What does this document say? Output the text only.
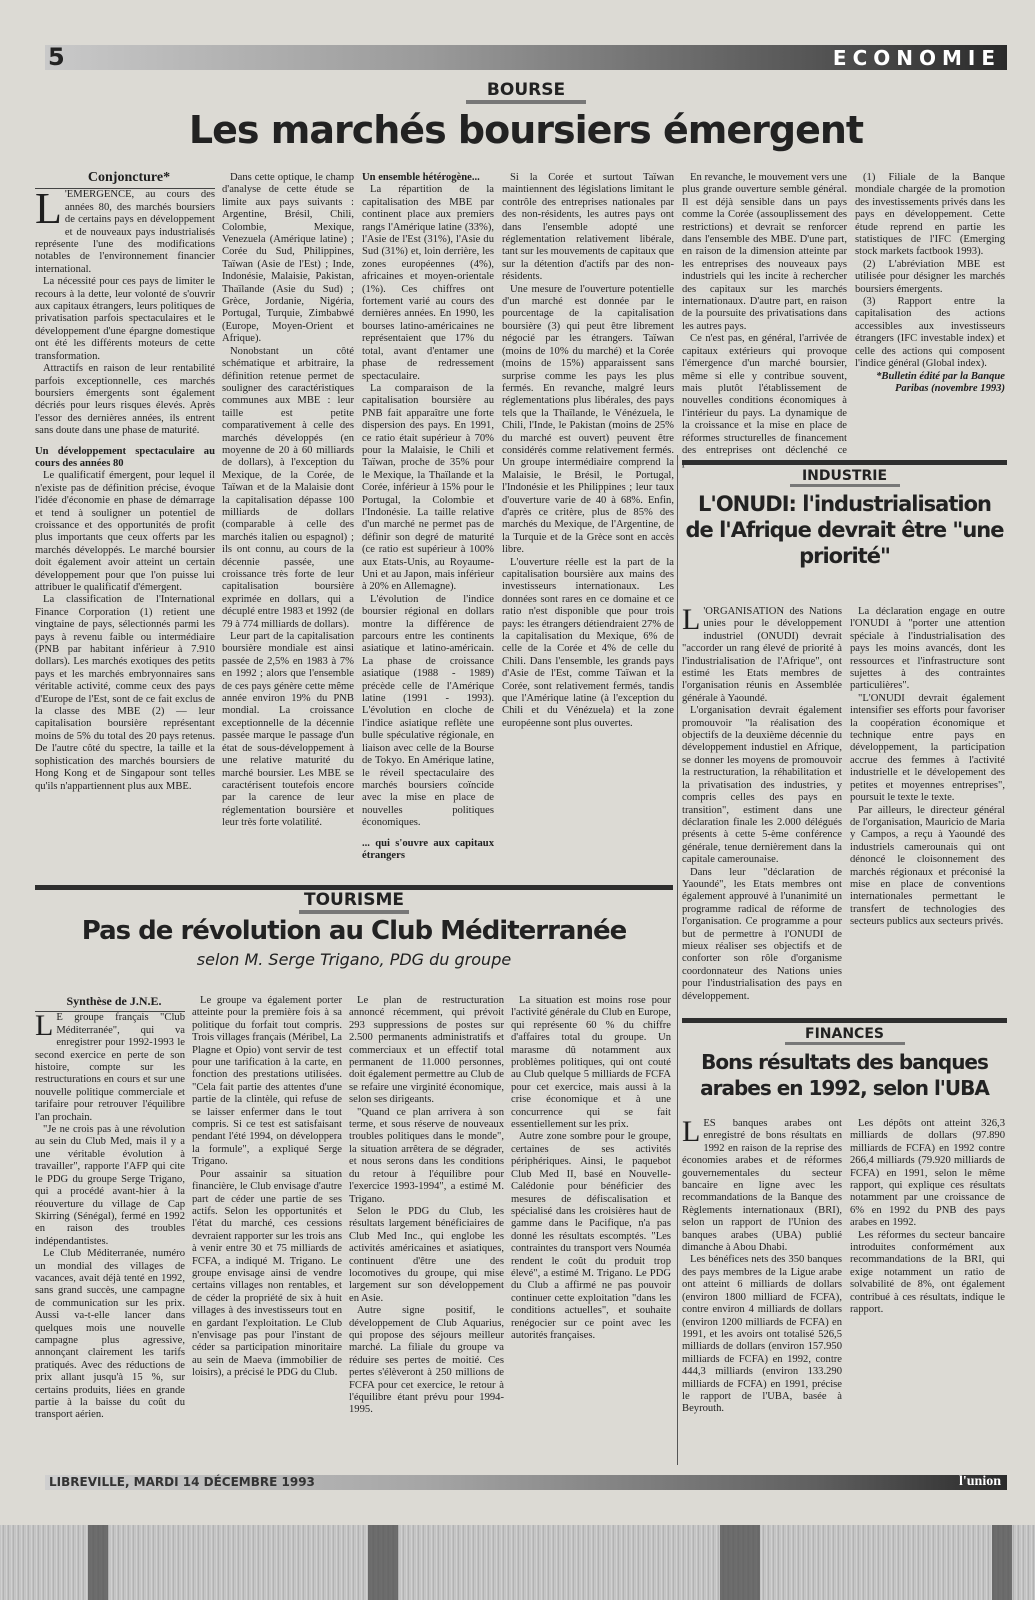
5	ECONOMIE

BOURSE

Les marchés boursiers émergent

Conjoncture*

L 'EMERGENCE, au cours des années 80, des marchés boursiers de certains pays en développement et de nouveaux pays industrialisés représente l'une des modifications notables de l'environnement financier international.

La nécessité pour ces pays de limiter le recours à la dette, leur volonté de s'ouvrir aux capitaux étrangers, leurs politiques de privatisation parfois spectaculaires et le développement d'une épargne domestique ont été les différents moteurs de cette transformation.

Attractifs en raison de leur rentabilité parfois exceptionnelle, ces marchés boursiers émergents sont également décriés pour leurs risques élevés. Après l'essor des dernières années, ils entrent sans doute dans une phase de maturité.

Un développement spectaculaire au cours des années 80

Le qualificatif émergent, pour lequel il n'existe pas de définition précise, évoque l'idée d'économie en phase de démarrage et tend à souligner un potentiel de croissance et des opportunités de profit plus importants que ceux offerts par les marchés développés. Le marché boursier doit également avoir atteint un certain développement pour que l'on puisse lui attribuer le qualificatif d'émergent.

La classification de l'International Finance Corporation (1) retient une vingtaine de pays, sélectionnés parmi les pays à revenu faible ou intermédiaire (PNB par habitant inférieur à 7.910 dollars). Les marchés exotiques des petits pays et les marchés embryonnaires sans véritable activité, comme ceux des pays d'Europe de l'Est, sont de ce fait exclus de la classe des MBE (2) — leur capitalisation boursière représentant moins de 5% du total des 20 pays retenus. De l'autre côté du spectre, la taille et la sophistication des marchés boursiers de Hong Kong et de Singapour sont telles qu'ils n'appartiennent plus aux MBE.

Dans cette optique, le champ d'analyse de cette étude se limite aux pays suivants : Argentine, Brésil, Chili, Colombie, Mexique, Venezuela (Amérique latine) ; Corée du Sud, Philippines, Taïwan (Asie de l'Est) ; Inde, Indonésie, Malaisie, Pakistan, Thaïlande (Asie du Sud) ; Grèce, Jordanie, Nigéria, Portugal, Turquie, Zimbabwé (Europe, Moyen-Orient et Afrique).

Nonobstant un côté schématique et arbitraire, la définition retenue permet de souligner des caractéristiques communes aux MBE : leur taille est petite comparativement à celle des marchés développés (en moyenne de 20 à 60 milliards de dollars), à l'exception du Mexique, de la Corée, de Taïwan et de la Malaisie dont la capitalisation dépasse 100 milliards de dollars (comparable à celle des marchés italien ou espagnol) ; ils ont connu, au cours de la décennie passée, une croissance très forte de leur capitalisation boursière exprimée en dollars, qui a décuplé entre 1983 et 1992 (de 79 à 774 milliards de dollars).

Leur part de la capitalisation boursière mondiale est ainsi passée de 2,5% en 1983 à 7% en 1992 ; alors que l'ensemble de ces pays génère cette même année environ 19% du PNB mondial. La croissance exceptionnelle de la décennie passée marque le passage d'un état de sous-développement à une relative maturité du marché boursier. Les MBE se caractérisent toutefois encore par la carence de leur réglementation boursière et leur très forte volatilité.

Un ensemble hétérogène...

La répartition de la capitalisation des MBE par continent place aux premiers rangs l'Amérique latine (33%), l'Asie de l'Est (31%), l'Asie du Sud (31%) et, loin derrière, les zones européennes (4%), africaines et moyen-orientale (1%). Ces chiffres ont fortement varié au cours des dernières années. En 1990, les bourses latino-américaines ne représentaient que 17% du total, avant d'entamer une phase de redressement spectaculaire.

La comparaison de la capitalisation boursière au PNB fait apparaître une forte dispersion des pays. En 1991, ce ratio était supérieur à 70% pour la Malaisie, le Chili et Taïwan, proche de 35% pour le Mexique, la Thaïlande et la Corée, inférieur à 15% pour le Portugal, la Colombie et l'Indonésie. La taille relative d'un marché ne permet pas de définir son degré de maturité (ce ratio est supérieur à 100% aux Etats-Unis, au Royaume-Uni et au Japon, mais inférieur à 20% en Allemagne).

L'évolution de l'indice boursier régional en dollars montre la différence de parcours entre les continents asiatique et latino-américain. La phase de croissance asiatique (1988 - 1989) précède celle de l'Amérique latine (1991 - 1993). L'évolution en cloche de l'indice asiatique reflète une bulle spéculative régionale, en liaison avec celle de la Bourse de Tokyo. En Amérique latine, le réveil spectaculaire des marchés boursiers coïncide avec la mise en place de nouvelles politiques économiques.

... qui s'ouvre aux capitaux étrangers

Si la Corée et surtout Taïwan maintiennent des législations limitant le contrôle des entreprises nationales par des non-résidents, les autres pays ont dans l'ensemble adopté une réglementation relativement libérale, tant sur les mouvements de capitaux que sur la détention d'actifs par des non-résidents.

Une mesure de l'ouverture potentielle d'un marché est donnée par le pourcentage de la capitalisation boursière (3) qui peut être librement négocié par les étrangers. Taïwan (moins de 10% du marché) et la Corée (moins de 15%) apparaissent sans surprise comme les pays les plus fermés. En revanche, malgré leurs réglementations plus libérales, des pays tels que la Thaïlande, le Vénézuela, le Chili, l'Inde, le Pakistan (moins de 25% du marché est ouvert) peuvent être considérés comme relativement fermés. Un groupe intermédiaire comprend la Malaisie, le Brésil, le Portugal, l'Indonésie et les Philippines ; leur taux d'ouverture varie de 40 à 68%. Enfin, d'après ce critère, plus de 85% des marchés du Mexique, de l'Argentine, de la Turquie et de la Grèce sont en accès libre.

L'ouverture réelle est la part de la capitalisation boursière aux mains des investisseurs internationaux. Les données sont rares en ce domaine et ce ratio n'est disponible que pour trois pays: les étrangers détiendraient 27% de la capitalisation du Mexique, 6% de celle de la Corée et 4% de celle du Chili. Dans l'ensemble, les grands pays d'Asie de l'Est, comme Taïwan et la Corée, sont relativement fermés, tandis que l'Amérique latine (à l'exception du Chili et du Vénézuela) et la zone européenne sont plus ouvertes.

En revanche, le mouvement vers une plus grande ouverture semble général. Il est déjà sensible dans un pays comme la Corée (assouplissement des restrictions) et devrait se renforcer dans l'ensemble des MBE. D'une part, en raison de la dimension atteinte par les entreprises des nouveaux pays industriels qui les incite à rechercher des capitaux sur les marchés internationaux. D'autre part, en raison de la poursuite des privatisations dans les autres pays.

Ce n'est pas, en général, l'arrivée de capitaux extérieurs qui provoque l'émergence d'un marché boursier, même si elle y contribue souvent, mais plutôt l'établissement de nouvelles conditions économiques à l'intérieur du pays. La dynamique de la croissance et la mise en place de réformes structurelles de financement des entreprises ont déclenché ce

(1) Filiale de la Banque mondiale chargée de la promotion des investissements privés dans les pays en développement. Cette étude reprend en partie les statistiques de l'IFC (Emerging stock markets factbook 1993).

(2) L'abréviation MBE est utilisée pour désigner les marchés boursiers émergents.

(3) Rapport entre la capitalisation des actions accessibles aux investisseurs étrangers (IFC investable index) et celle des actions qui composent l'indice général (Global index).

*Bulletin édité par la Banque Paribas (novembre 1993)

INDUSTRIE

L'ONUDI: l'industrialisation de l'Afrique devrait être "une priorité"

L 'ORGANISATION des Nations unies pour le développement industriel (ONUDI) devrait "accorder un rang élevé de priorité à l'industrialisation de l'Afrique", ont estimé les Etats membres de l'organisation réunis en Assemblée générale à Yaoundé.

L'organisation devrait également promouvoir "la réalisation des objectifs de la deuxième décennie du développement industiel en Afrique, se donner les moyens de promouvoir la restructuration, la réhabilitation et la privatisation des industries, y compris celles des pays en transition", estiment dans une déclaration finale les 2.000 délégués présents à cette 5-ème conférence générale, tenue dernièrement dans la capitale camerounaise.

Dans leur "déclaration de Yaoundé", les Etats membres ont également approuvé à l'unanimité un programme radical de réforme de l'organisation. Ce programme a pour but de permettre à l'ONUDI de mieux réaliser ses objectifs et de conforter son rôle d'organisme coordonnateur des Nations unies pour l'industrialisation des pays en développement.

La déclaration engage en outre l'ONUDI à "porter une attention spéciale à l'industrialisation des pays les moins avancés, dont les ressources et l'infrastructure sont sujettes à des contraintes particulières".

"L'ONUDI devrait également intensifier ses efforts pour favoriser la coopération économique et technique entre pays en développement, la participation accrue des femmes à l'activité industrielle et le dévelopement des petites et moyennes entreprises", poursuit le texte le texte.

Par ailleurs, le directeur général de l'organisation, Mauricio de Maria y Campos, a reçu à Yaoundé des industriels camerounais qui ont dénoncé le cloisonnement des marchés régionaux et préconisé la mise en place de conventions internationales permettant le transfert de technologies des secteurs publics aux secteurs privés.

FINANCES

Bons résultats des banques arabes en 1992, selon l'UBA

LES banques arabes ont enregistré de bons résultats en 1992 en raison de la reprise des économies arabes et de réformes gouvernementales du secteur bancaire en ligne avec les recommandations de la Banque des Règlements internationaux (BRI), selon un rapport de l'Union des banques arabes (UBA) publié dimanche à Abou Dhabi.

Les bénéfices nets des 350 banques des pays membres de la Ligue arabe ont atteint 6 milliards de dollars (environ 1800 milliard de FCFA), contre environ 4 milliards de dollars (environ 1200 milliards de FCFA) en 1991, et les avoirs ont totalisé 526,5 milliards de dollars (environ 157.950 milliards de FCFA) en 1992, contre 444,3 milliards (environ 133.290 milliards de FCFA) en 1991, précise le rapport de l'UBA, basée à Beyrouth.

Les dépôts ont atteint 326,3 milliards de dollars (97.890 milliards de FCFA) en 1992 contre 266,4 milliards (79.920 milliards de FCFA) en 1991, selon le même rapport, qui explique ces résultats notamment par une croissance de 6% en 1992 du PNB des pays arabes en 1992.

Les réformes du secteur bancaire introduites conformément aux recommandations de la BRI, qui exige notamment un ratio de solvabilité de 8%, ont également contribué à ces résultats, indique le rapport.

TOURISME

Pas de révolution au Club Méditerranée

selon M. Serge Trigano, PDG du groupe

Synthèse de J.N.E.

L E groupe français "Club Méditerranée", qui va enregistrer pour 1992-1993 le second exercice en perte de son histoire, compte sur les restructurations en cours et sur une nouvelle politique commerciale et tarifaire pour retrouver l'équilibre l'an prochain.

"Je ne crois pas à une révolution au sein du Club Med, mais il y a une véritable évolution à travailler", rapporte l'AFP qui cite le PDG du groupe Serge Trigano, qui a procédé avant-hier à la réouverture du village de Cap Skirring (Sénégal), fermé en 1992 en raison des troubles indépendantistes.

Le Club Méditerranée, numéro un mondial des villages de vacances, avait déjà tenté en 1992, sans grand succès, une campagne de communication sur les prix. Aussi va-t-elle lancer dans quelques mois une nouvelle campagne plus agressive, annonçant clairement les tarifs pratiqués. Avec des réductions de prix allant jusqu'à 15 %, sur certains produits, liées en grande partie à la baisse du coût du transport aérien.

Le groupe va également porter atteinte pour la première fois à sa politique du forfait tout compris. Trois villages français (Méribel, La Plagne et Opio) vont servir de test pour une tarification à la carte, en fonction des prestations utilisées. "Cela fait partie des attentes d'une partie de la clintèle, qui refuse de se laisser enfermer dans le tout compris. Si ce test est satisfaisant pendant l'été 1994, on développera la formule", a expliqué Serge Trigano.

Pour assainir sa situation financière, le Club envisage d'autre part de céder une partie de ses actifs. Selon les opportunités et l'état du marché, ces cessions devraient rapporter sur les trois ans à venir entre 30 et 75 milliards de FCFA, a indiqué M. Trigano. Le groupe envisage ainsi de vendre certains villages non rentables, et de céder la propriété de six à huit villages à des investisseurs tout en en gardant l'exploitation. Le Club n'envisage pas pour l'instant de céder sa participation minoritaire au sein de Maeva (immobilier de loisirs), a précisé le PDG du Club.

Le plan de restructuration annoncé récemment, qui prévoit 293 suppressions de postes sur 2.500 permanents administratifs et commerciaux et un effectif total permanent de 11.000 personnes, doit également permettre au Club de se refaire une virginité économique, selon ses dirigeants.

"Quand ce plan arrivera à son terme, et sous réserve de nouveaux troubles politiques dans le monde", la situation arrêtera de se dégrader, et nous serons dans les conditions du retour à l'équilibre pour l'exercice 1993-1994", a estimé M. Trigano.

Selon le PDG du Club, les résultats largement bénéficiaires de Club Med Inc., qui englobe les activités américaines et asiatiques, continuent d'être une des locomotives du groupe, qui mise largement sur son développement en Asie.

Autre signe positif, le développement de Club Aquarius, qui propose des séjours meilleur marché. La filiale du groupe va réduire ses pertes de moitié. Ces pertes s'élèveront à 250 millions de FCFA pour cet exercice, le retour à l'équilibre étant prévu pour 1994-1995.

La situation est moins rose pour l'activité générale du Club en Europe, qui représente 60 % du chiffre d'affaires total du groupe. Un marasme dû notamment aux problèmes politiques, qui ont couté au Club quelque 5 milliards de FCFA pour cet exercice, mais aussi à la crise économique et à une concurrence qui se fait essentiellement sur les prix.

Autre zone sombre pour le groupe, certaines de ses activités périphériques. Ainsi, le paquebot Club Med II, basé en Nouvelle-Calédonie pour bénéficier des mesures de défiscalisation et spécialisé dans les croisières haut de gamme dans le Pacifique, n'a pas donné les résultats escomptés. "Les contraintes du transport vers Nouméa rendent le coût du produit trop élevé", a estimé M. Trigano. Le PDG du Club a affirmé ne pas pouvoir continuer cette exploitation "dans les conditions actuelles", et souhaite renégocier sur ce point avec les autorités françaises.

LIBREVILLE, MARDI 14 DÉCEMBRE 1993	l'union
